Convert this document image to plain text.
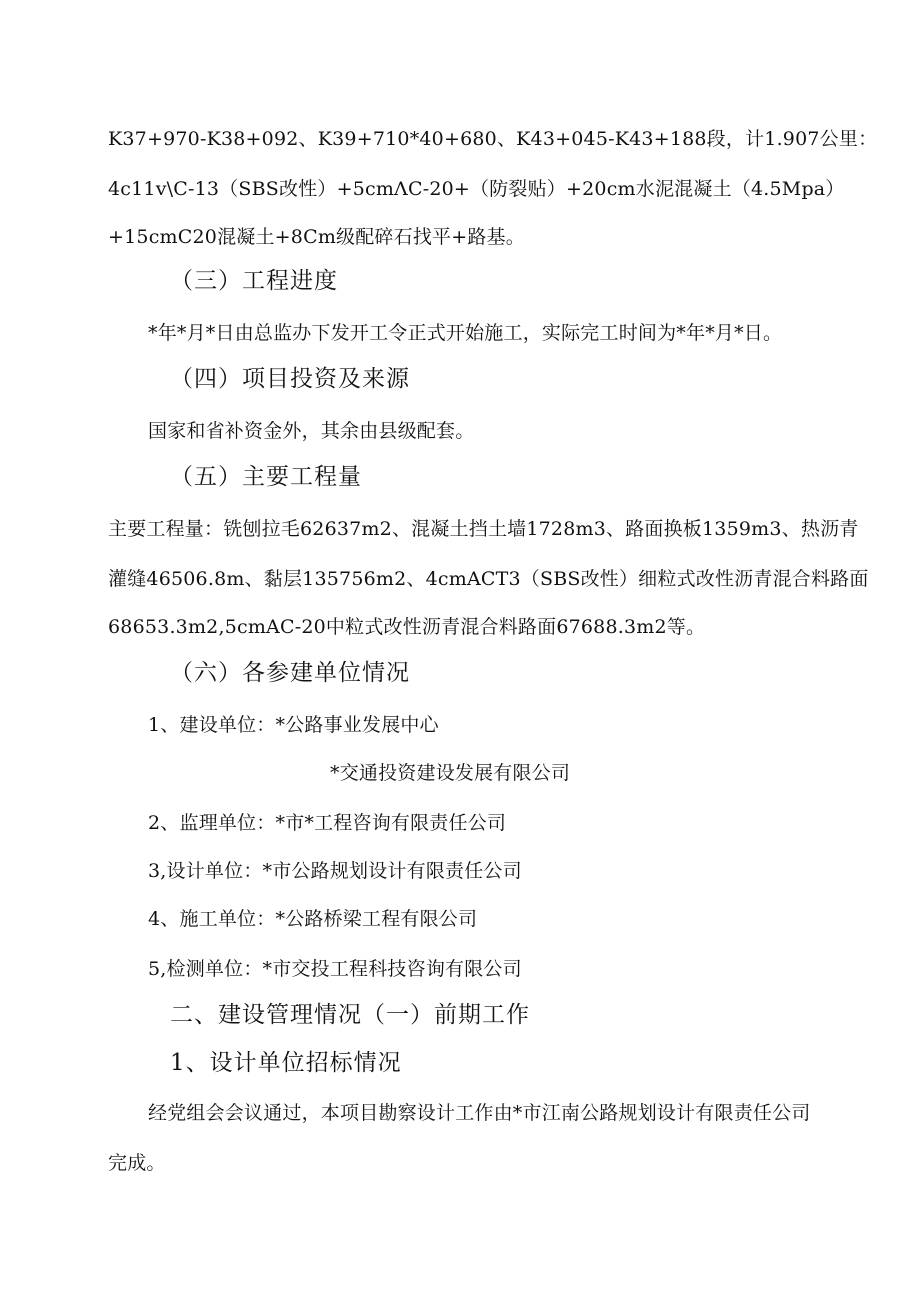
K37+970-K38+092、K39+710*40+680、K43+045-K43+188段，计1.907公里：
4c11v\C-13（SBS改性）+5cmΛC-20+（防裂贴）+20cm水泥混凝土（4.5Mpa）
+15cmC20混凝土+8Cm级配碎石找平+路基。
（三）工程进度
*年*月*日由总监办下发开工令正式开始施工，实际完工时间为*年*月*日。
（四）项目投资及来源
国家和省补资金外，其余由县级配套。
（五）主要工程量
主要工程量：铣刨拉毛62637m2、混凝土挡土墙1728m3、路面换板1359m3、热沥青
灌缝46506.8m、黏层135756m2、4cmACT3（SBS改性）细粒式改性沥青混合料路面
68653.3m2,5cmAC-20中粒式改性沥青混合料路面67688.3m2等。
（六）各参建单位情况
1、建设单位：*公路事业发展中心
*交通投资建设发展有限公司
2、监理单位：*市*工程咨询有限责任公司
3,设计单位：*市公路规划设计有限责任公司
4、施工单位：*公路桥梁工程有限公司
5,检测单位：*市交投工程科技咨询有限公司
二、建设管理情况（一）前期工作
1、设计单位招标情况
经党组会会议通过，本项目勘察设计工作由*市江南公路规划设计有限责任公司
完成。
